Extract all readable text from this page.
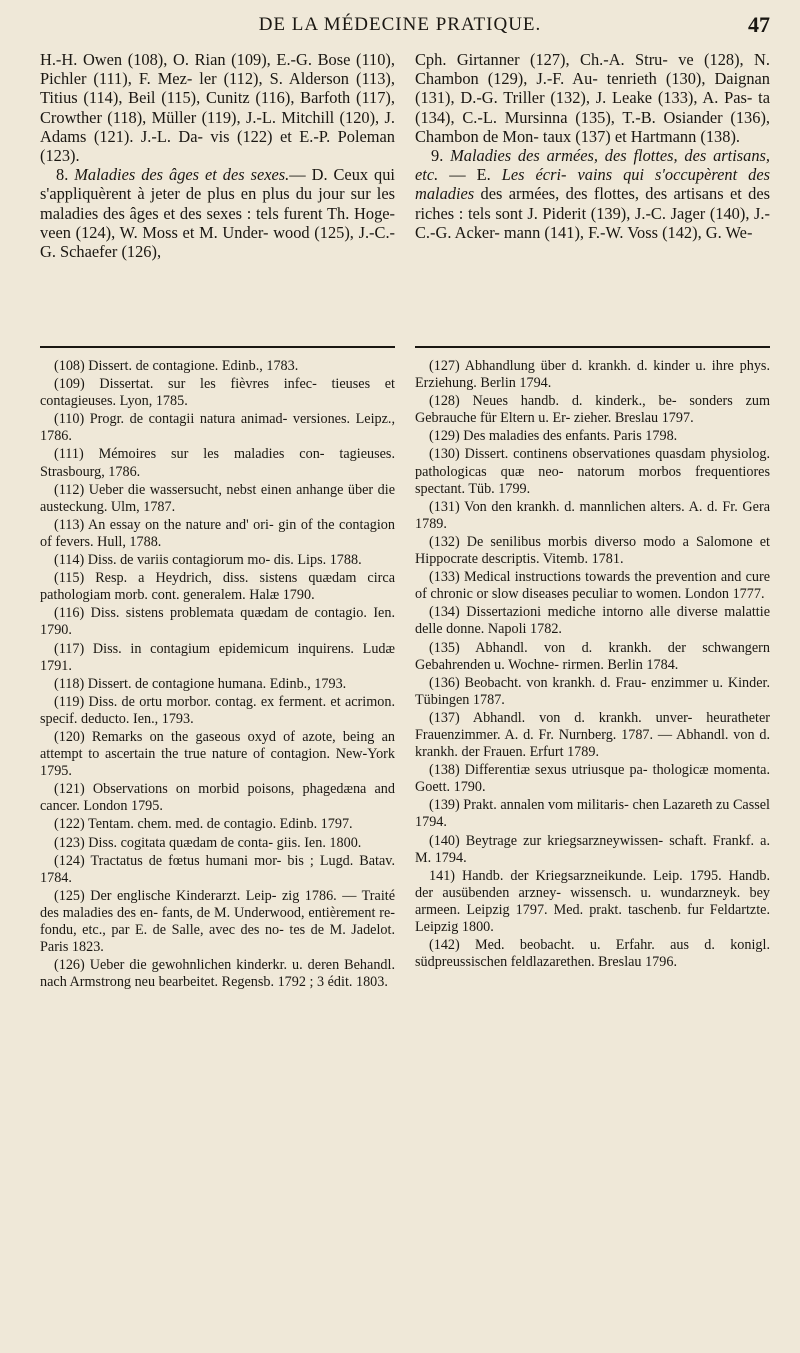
DE LA MÉDECINE PRATIQUE.	47

H.-H. Owen (108), O. Rian (109), E.-G. Bose (110), Pichler (111), F. Mez- ler (112), S. Alderson (113), Titius (114), Beil (115), Cunitz (116), Barfoth (117), Crowther (118), Müller (119), J.-L. Mitchill (120), J. Adams (121). J.-L. Da- vis (122) et E.-P. Poleman (123).

8. Maladies des âges et des sexes.— D. Ceux qui s'appliquèrent à jeter de plus en plus du jour sur les maladies des âges et des sexes : tels furent Th. Hoge- veen (124), W. Moss et M. Under- wood (125), J.-C.-G. Schaefer (126),

(108) Dissert. de contagione. Edinb., 1783.

(109) Dissertat. sur les fièvres infec- tieuses et contagieuses. Lyon, 1785.

(110) Progr. de contagii natura animad- versiones. Leipz., 1786.

(111) Mémoires sur les maladies con- tagieuses. Strasbourg, 1786.

(112) Ueber die wassersucht, nebst einen anhange über die austeckung. Ulm, 1787.

(113) An essay on the nature and' ori- gin of the contagion of fevers. Hull, 1788.

(114) Diss. de variis contagiorum mo- dis. Lips. 1788.

(115) Resp. a Heydrich, diss. sistens quædam circa pathologiam morb. cont. generalem. Halæ 1790.

(116) Diss. sistens problemata quædam de contagio. Ien. 1790.

(117) Diss. in contagium epidemicum inquirens. Ludæ 1791.

(118) Dissert. de contagione humana. Edinb., 1793.

(119) Diss. de ortu morbor. contag. ex ferment. et acrimon. specif. deducto. Ien., 1793.

(120) Remarks on the gaseous oxyd of azote, being an attempt to ascertain the true nature of contagion. New-York 1795.

(121) Observations on morbid poisons, phagedæna and cancer. London 1795.

(122) Tentam. chem. med. de contagio. Edinb. 1797.

(123) Diss. cogitata quædam de conta- giis. Ien. 1800.

(124) Tractatus de fœtus humani mor- bis ; Lugd. Batav. 1784.

(125) Der englische Kinderarzt. Leip- zig 1786. — Traité des maladies des en- fants, de M. Underwood, entièrement re- fondu, etc., par E. de Salle, avec des no- tes de M. Jadelot. Paris 1823.

(126) Ueber die gewohnlichen kinderkr. u. deren Behandl. nach Armstrong neu bearbeitet. Regensb. 1792 ; 3 édit. 1803.

Cph. Girtanner (127), Ch.-A. Stru- ve (128), N. Chambon (129), J.-F. Au- tenrieth (130), Daignan (131), D.-G. Triller (132), J. Leake (133), A. Pas- ta (134), C.-L. Mursinna (135), T.-B. Osiander (136), Chambon de Mon- taux (137) et Hartmann (138).

9. Maladies des armées, des flottes, des artisans, etc. — E. Les écri- vains qui s'occupèrent des maladies des armées, des flottes, des artisans et des riches : tels sont J. Piderit (139), J.-C. Jager (140), J.-C.-G. Acker- mann (141), F.-W. Voss (142), G. We-

(127) Abhandlung über d. krankh. d. kinder u. ihre phys. Erziehung. Berlin 1794.

(128) Neues handb. d. kinderk., be- sonders zum Gebrauche für Eltern u. Er- zieher. Breslau 1797.

(129) Des maladies des enfants. Paris 1798.

(130) Dissert. continens observationes quasdam physiolog. pathologicas quæ neo- natorum morbos frequentiores spectant. Tüb. 1799.

(131) Von den krankh. d. mannlichen alters. A. d. Fr. Gera 1789.

(132) De senilibus morbis diverso modo a Salomone et Hippocrate descriptis. Vitemb. 1781.

(133) Medical instructions towards the prevention and cure of chronic or slow diseases peculiar to women. London 1777.

(134) Dissertazioni mediche intorno alle diverse malattie delle donne. Napoli 1782.

(135) Abhandl. von d. krankh. der schwangern Gebahrenden u. Wochne- rirmen. Berlin 1784.

(136) Beobacht. von krankh. d. Frau- enzimmer u. Kinder. Tübingen 1787.

(137) Abhandl. von d. krankh. unver- heuratheter Frauenzimmer. A. d. Fr. Nurnberg. 1787. — Abhandl. von d. krankh. der Frauen. Erfurt 1789.

(138) Differentiæ sexus utriusque pa- thologicæ momenta. Goett. 1790.

(139) Prakt. annalen vom militaris- chen Lazareth zu Cassel 1794.

(140) Beytrage zur kriegsarzneywissen- schaft. Frankf. a. M. 1794.

141) Handb. der Kriegsarzneikunde. Leip. 1795. Handb. der ausübenden arzney- wissensch. u. wundarzneyk. bey armeen. Leipzig 1797. Med. prakt. taschenb. fur Feldartzte. Leipzig 1800.

(142) Med. beobacht. u. Erfahr. aus d. konigl. südpreussischen feldlazarethen. Breslau 1796.
